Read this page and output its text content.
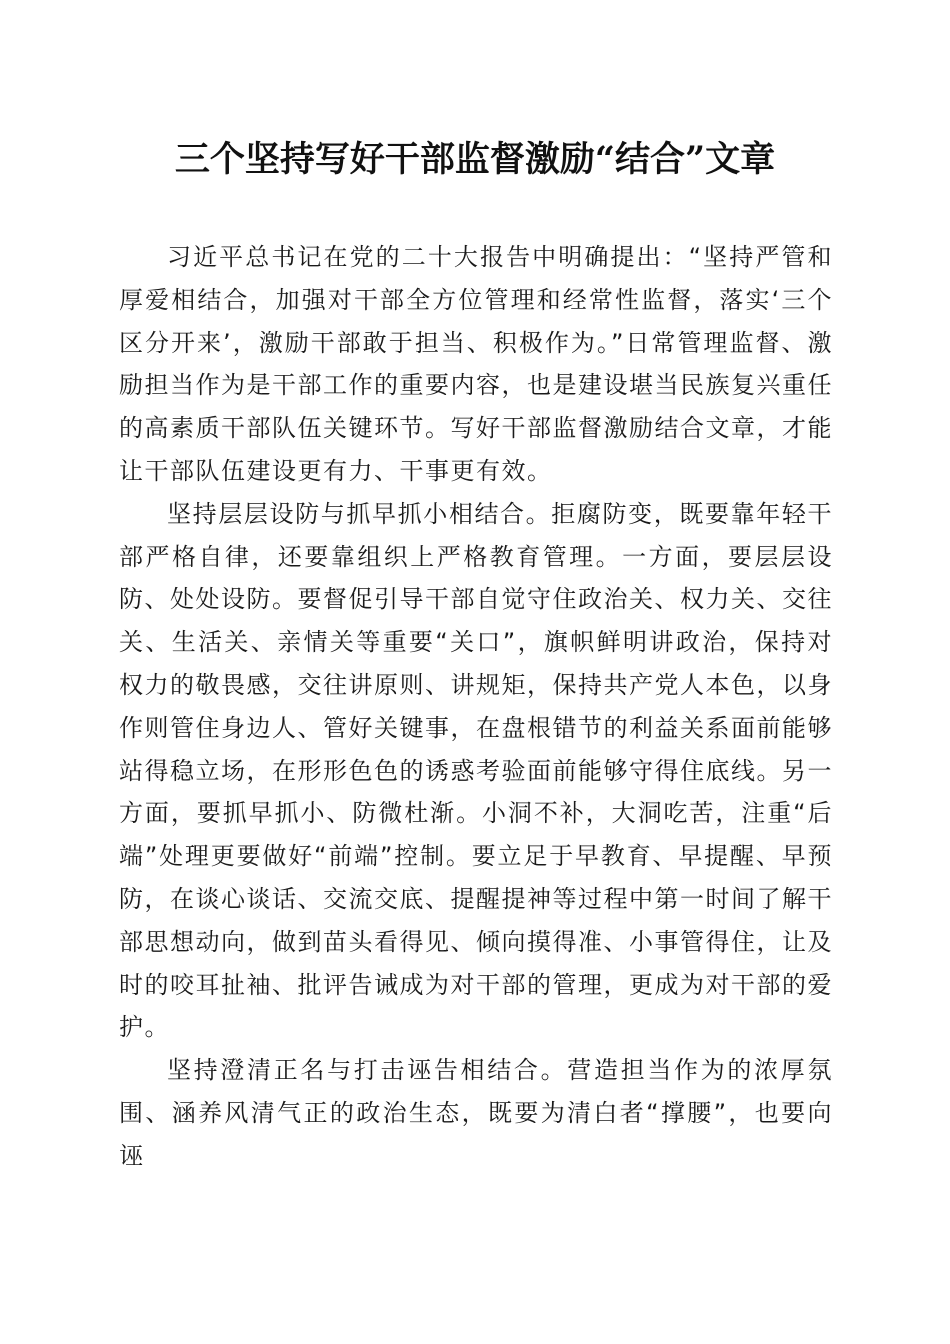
三个坚持写好干部监督激励“结合”文章

习近平总书记在党的二十大报告中明确提出：“坚持严管和厚爱相结合，加强对干部全方位管理和经常性监督，落实‘三个区分开来’，激励干部敢于担当、积极作为。”日常管理监督、激励担当作为是干部工作的重要内容，也是建设堪当民族复兴重任的高素质干部队伍关键环节。写好干部监督激励结合文章，才能让干部队伍建设更有力、干事更有效。

坚持层层设防与抓早抓小相结合。拒腐防变，既要靠年轻干部严格自律，还要靠组织上严格教育管理。一方面，要层层设防、处处设防。要督促引导干部自觉守住政治关、权力关、交往关、生活关、亲情关等重要“关口”，旗帜鲜明讲政治，保持对权力的敬畏感，交往讲原则、讲规矩，保持共产党人本色，以身作则管住身边人、管好关键事，在盘根错节的利益关系面前能够站得稳立场，在形形色色的诱惑考验面前能够守得住底线。另一方面，要抓早抓小、防微杜渐。小洞不补，大洞吃苦，注重“后端”处理更要做好“前端”控制。要立足于早教育、早提醒、早预防，在谈心谈话、交流交底、提醒提神等过程中第一时间了解干部思想动向，做到苗头看得见、倾向摸得准、小事管得住，让及时的咬耳扯袖、批评告诫成为对干部的管理，更成为对干部的爱护。

坚持澄清正名与打击诬告相结合。营造担当作为的浓厚氛围、涵养风清气正的政治生态，既要为清白者“撑腰”，也要向诬
